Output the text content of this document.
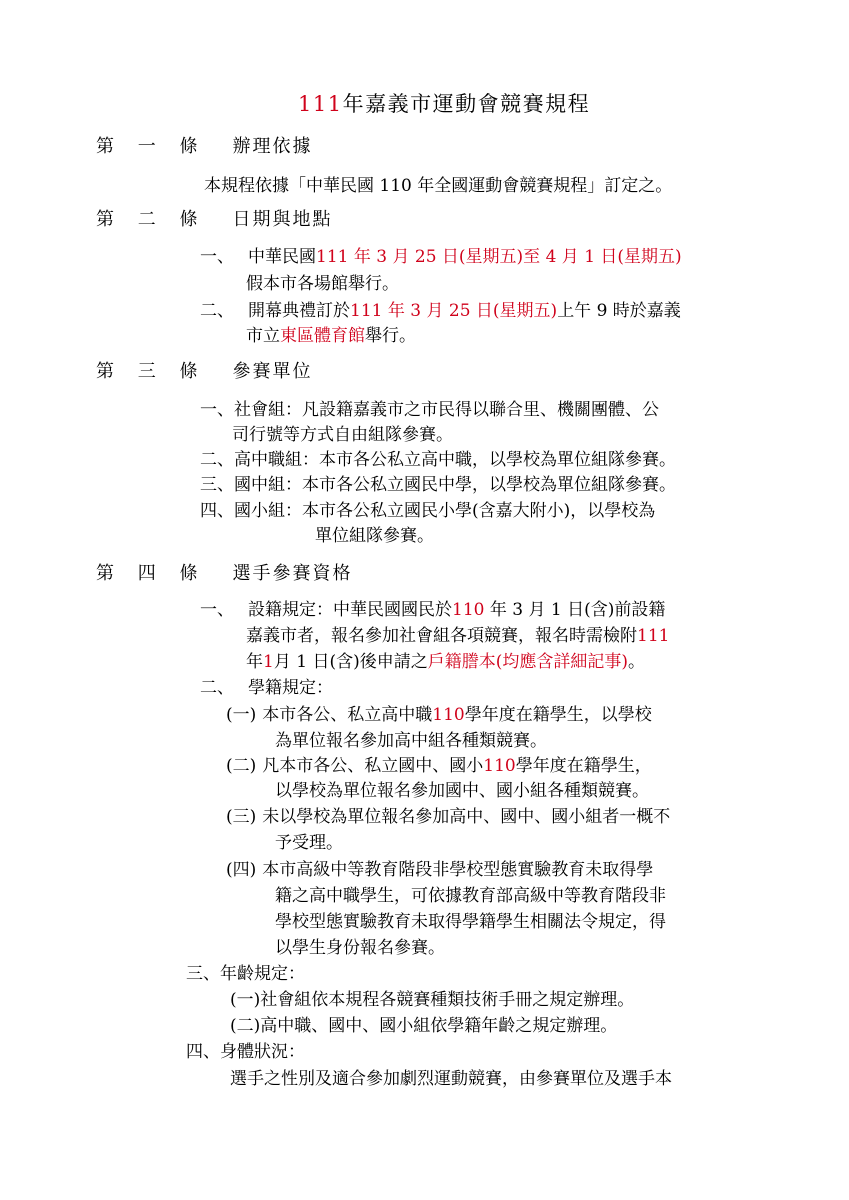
111年嘉義市運動會競賽規程
第 一 條 辦理依據
本規程依據「中華民國 110 年全國運動會競賽規程」訂定之。
第 二 條 日期與地點
一、 中華民國111 年 3 月 25 日(星期五)至 4 月 1 日(星期五)
假本市各場館舉行。
二、 開幕典禮訂於111 年 3 月 25 日(星期五)上午 9 時於嘉義
市立東區體育館舉行。
第 三 條 參賽單位
一、社會組：凡設籍嘉義市之市民得以聯合里、機關團體、公
司行號等方式自由組隊參賽。
二、高中職組：本市各公私立高中職，以學校為單位組隊參賽。
三、國中組：本市各公私立國民中學，以學校為單位組隊參賽。
四、國小組：本市各公私立國民小學(含嘉大附小)，以學校為
單位組隊參賽。
第 四 條 選手參賽資格
一、 設籍規定：中華民國國民於110 年 3 月 1 日(含)前設籍
嘉義市者，報名參加社會組各項競賽，報名時需檢附111
年1月 1 日(含)後申請之戶籍謄本(均應含詳細記事)。
二、 學籍規定：
(一) 本市各公、私立高中職110學年度在籍學生，以學校
為單位報名參加高中組各種類競賽。
(二) 凡本市各公、私立國中、國小110學年度在籍學生，
以學校為單位報名參加國中、國小組各種類競賽。
(三) 未以學校為單位報名參加高中、國中、國小組者一概不
予受理。
(四) 本市高級中等教育階段非學校型態實驗教育未取得學
籍之高中職學生，可依據教育部高級中等教育階段非
學校型態實驗教育未取得學籍學生相關法令規定，得
以學生身份報名參賽。
三、年齡規定：
(一)社會組依本規程各競賽種類技術手冊之規定辦理。
(二)高中職、國中、國小組依學籍年齡之規定辦理。
四、身體狀況：
選手之性別及適合參加劇烈運動競賽，由參賽單位及選手本
